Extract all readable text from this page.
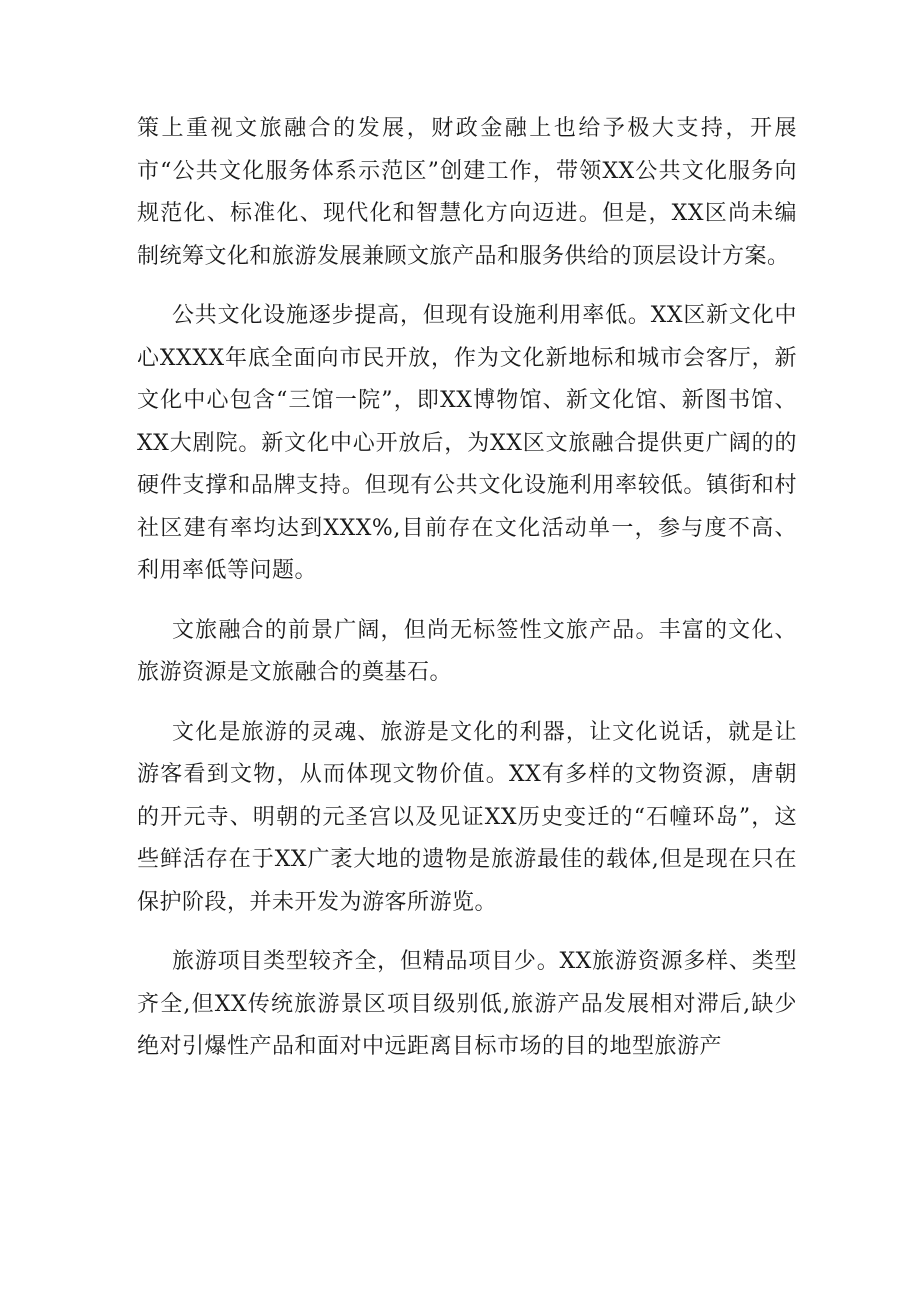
策上重视文旅融合的发展，财政金融上也给予极大支持，开展市“公共文化服务体系示范区”创建工作，带领XX公共文化服务向规范化、标准化、现代化和智慧化方向迈进。但是，XX区尚未编制统筹文化和旅游发展兼顾文旅产品和服务供给的顶层设计方案。

公共文化设施逐步提高，但现有设施利用率低。XX区新文化中心XXXX年底全面向市民开放，作为文化新地标和城市会客厅，新文化中心包含“三馆一院”，即XX博物馆、新文化馆、新图书馆、XX大剧院。新文化中心开放后，为XX区文旅融合提供更广阔的的硬件支撑和品牌支持。但现有公共文化设施利用率较低。镇街和村社区建有率均达到XXX%,目前存在文化活动单一，参与度不高、利用率低等问题。

文旅融合的前景广阔，但尚无标签性文旅产品。丰富的文化、旅游资源是文旅融合的奠基石。

文化是旅游的灵魂、旅游是文化的利器，让文化说话，就是让游客看到文物，从而体现文物价值。XX有多样的文物资源，唐朝的开元寺、明朝的元圣宫以及见证XX历史变迁的“石幢环岛”，这些鲜活存在于XX广袤大地的遗物是旅游最佳的载体,但是现在只在保护阶段，并未开发为游客所游览。

旅游项目类型较齐全，但精品项目少。XX旅游资源多样、类型齐全,但XX传统旅游景区项目级别低,旅游产品发展相对滞后,缺少绝对引爆性产品和面对中远距离目标市场的目的地型旅游产
